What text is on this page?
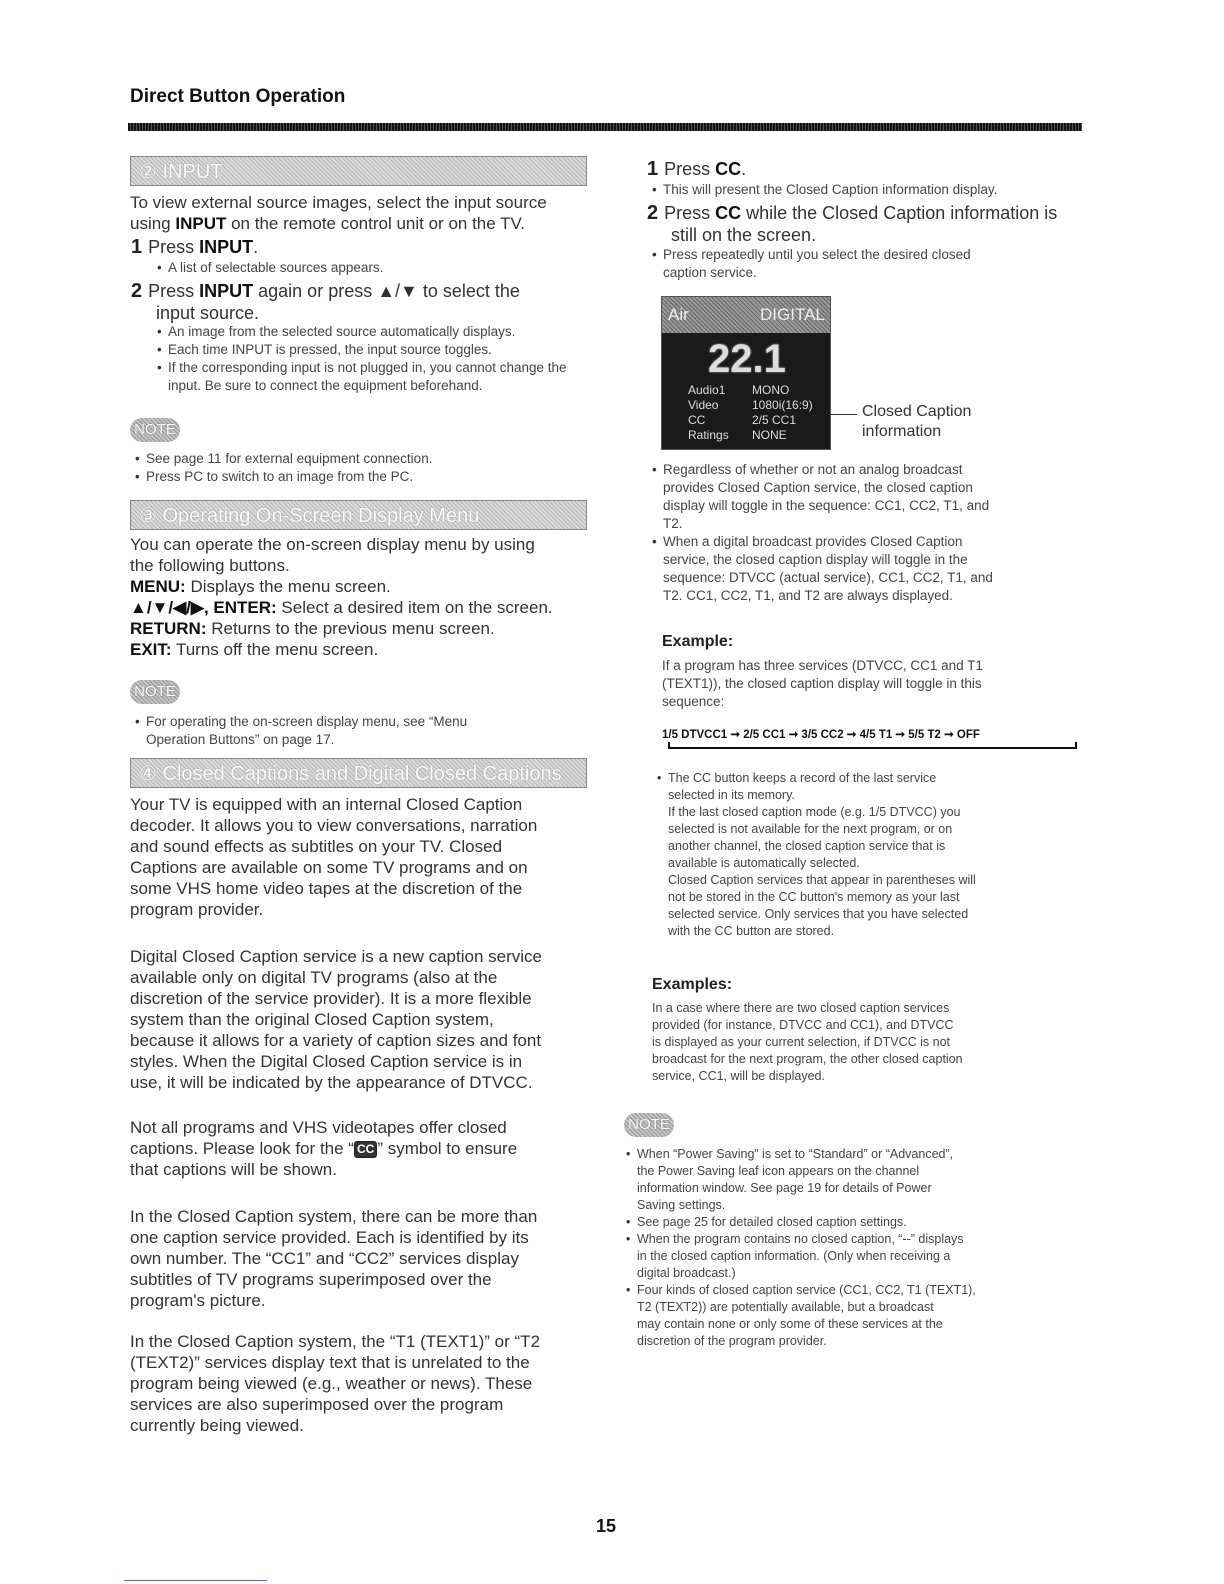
Direct Button Operation
② INPUT
To view external source images, select the input source
using INPUT on the remote control unit or on the TV.
1 Press INPUT.
• A list of selectable sources appears.
2 Press INPUT again or press ▲/▼ to select the
input source.
• An image from the selected source automatically displays.
• Each time INPUT is pressed, the input source toggles.
• If the corresponding input is not plugged in, you cannot change the input. Be sure to connect the equipment beforehand.
NOTE
• See page 11 for external equipment connection.
• Press PC to switch to an image from the PC.
③ Operating On-Screen Display Menu
You can operate the on-screen display menu by using
the following buttons.
MENU: Displays the menu screen.
▲/▼/◀/▶, ENTER: Select a desired item on the screen.
RETURN: Returns to the previous menu screen.
EXIT: Turns off the menu screen.
NOTE
• For operating the on-screen display menu, see “Menu
Operation Buttons” on page 17.
④ Closed Captions and Digital Closed Captions
Your TV is equipped with an internal Closed Caption
decoder. It allows you to view conversations, narration
and sound effects as subtitles on your TV. Closed
Captions are available on some TV programs and on
some VHS home video tapes at the discretion of the
program provider.
Digital Closed Caption service is a new caption service
available only on digital TV programs (also at the
discretion of the service provider). It is a more flexible
system than the original Closed Caption system,
because it allows for a variety of caption sizes and font
styles. When the Digital Closed Caption service is in
use, it will be indicated by the appearance of DTVCC.
Not all programs and VHS videotapes offer closed
captions. Please look for the “ CC ” symbol to ensure
that captions will be shown.
In the Closed Caption system, there can be more than
one caption service provided. Each is identified by its
own number. The “CC1” and “CC2” services display
subtitles of TV programs superimposed over the
program's picture.
In the Closed Caption system, the “T1 (TEXT1)” or “T2
(TEXT2)” services display text that is unrelated to the
program being viewed (e.g., weather or news). These
services are also superimposed over the program
currently being viewed.
1 Press CC.
• This will present the Closed Caption information display.
2 Press CC while the Closed Caption information is
still on the screen.
• Press repeatedly until you select the desired closed
caption service.
Air	DIGITAL
22.1
Audio1 MONO
Video	1080i(16:9)
CC	2/5 CC1
Ratings NONE
Closed Caption
information
• Regardless of whether or not an analog broadcast
provides Closed Caption service, the closed caption
display will toggle in the sequence: CC1, CC2, T1, and
T2.
• When a digital broadcast provides Closed Caption
service, the closed caption display will toggle in the
sequence: DTVCC (actual service), CC1, CC2, T1, and
T2. CC1, CC2, T1, and T2 are always displayed.
Example:
If a program has three services (DTVCC, CC1 and T1
(TEXT1)), the closed caption display will toggle in this
sequence:
1/5 DTVCC1 ➞ 2/5 CC1 ➞ 3/5 CC2 ➞ 4/5 T1 ➞ 5/5 T2 ➞ OFF
• The CC button keeps a record of the last service
selected in its memory.
If the last closed caption mode (e.g. 1/5 DTVCC) you
selected is not available for the next program, or on
another channel, the closed caption service that is
available is automatically selected.
Closed Caption services that appear in parentheses will
not be stored in the CC button's memory as your last
selected service. Only services that you have selected
with the CC button are stored.
Examples:
In a case where there are two closed caption services
provided (for instance, DTVCC and CC1), and DTVCC
is displayed as your current selection, if DTVCC is not
broadcast for the next program, the other closed caption
service, CC1, will be displayed.
NOTE
• When “Power Saving” is set to “Standard” or “Advanced”,
the Power Saving leaf icon appears on the channel
information window. See page 19 for details of Power
Saving settings.
• See page 25 for detailed closed caption settings.
• When the program contains no closed caption, “--” displays
in the closed caption information. (Only when receiving a
digital broadcast.)
• Four kinds of closed caption service (CC1, CC2, T1 (TEXT1),
T2 (TEXT2)) are potentially available, but a broadcast
may contain none or only some of these services at the
discretion of the program provider.
15
